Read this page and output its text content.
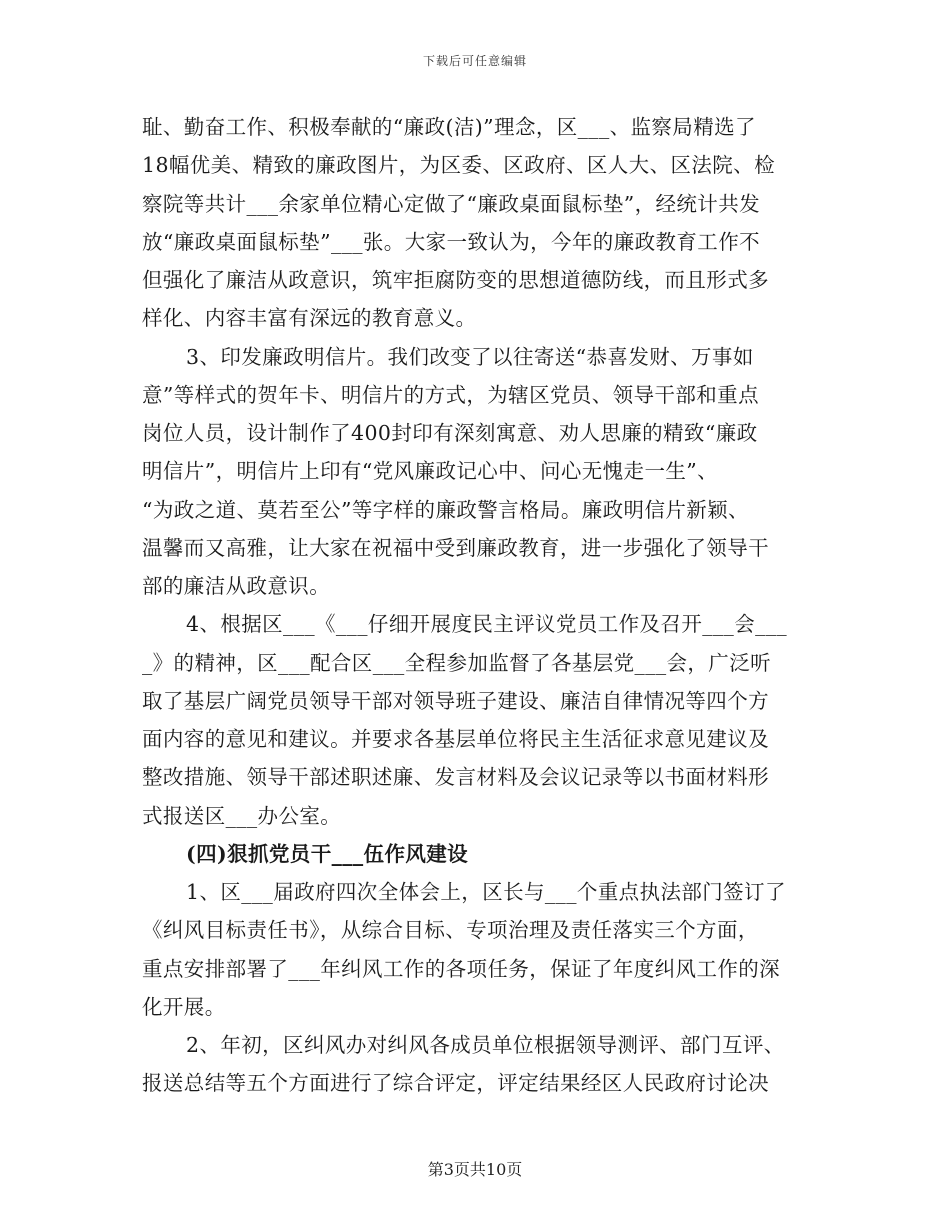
下载后可任意编辑
耻、勤奋工作、积极奉献的“廉政(洁)”理念，区___、监察局精选了
18幅优美、精致的廉政图片，为区委、区政府、区人大、区法院、检
察院等共计___余家单位精心定做了“廉政桌面鼠标垫”，经统计共发
放“廉政桌面鼠标垫”___张。大家一致认为，今年的廉政教育工作不
但强化了廉洁从政意识，筑牢拒腐防变的思想道德防线，而且形式多
样化、内容丰富有深远的教育意义。
3、印发廉政明信片。我们改变了以往寄送“恭喜发财、万事如
意”等样式的贺年卡、明信片的方式，为辖区党员、领导干部和重点
岗位人员，设计制作了400封印有深刻寓意、劝人思廉的精致“廉政
明信片”，明信片上印有“党风廉政记心中、问心无愧走一生”、
“为政之道、莫若至公”等字样的廉政警言格局。廉政明信片新颖、
温馨而又高雅，让大家在祝福中受到廉政教育，进一步强化了领导干
部的廉洁从政意识。
4、根据区___《___仔细开展度民主评议党员工作及召开___会___
_》的精神，区___配合区___全程参加监督了各基层党___会，广泛听
取了基层广阔党员领导干部对领导班子建设、廉洁自律情况等四个方
面内容的意见和建议。并要求各基层单位将民主生活征求意见建议及
整改措施、领导干部述职述廉、发言材料及会议记录等以书面材料形
式报送区___办公室。
(四)狠抓党员干___伍作风建设
1、区___届政府四次全体会上，区长与___个重点执法部门签订了
《纠风目标责任书》，从综合目标、专项治理及责任落实三个方面，
重点安排部署了___年纠风工作的各项任务，保证了年度纠风工作的深
化开展。
2、年初，区纠风办对纠风各成员单位根据领导测评、部门互评、
报送总结等五个方面进行了综合评定，评定结果经区人民政府讨论决
第3页共10页
